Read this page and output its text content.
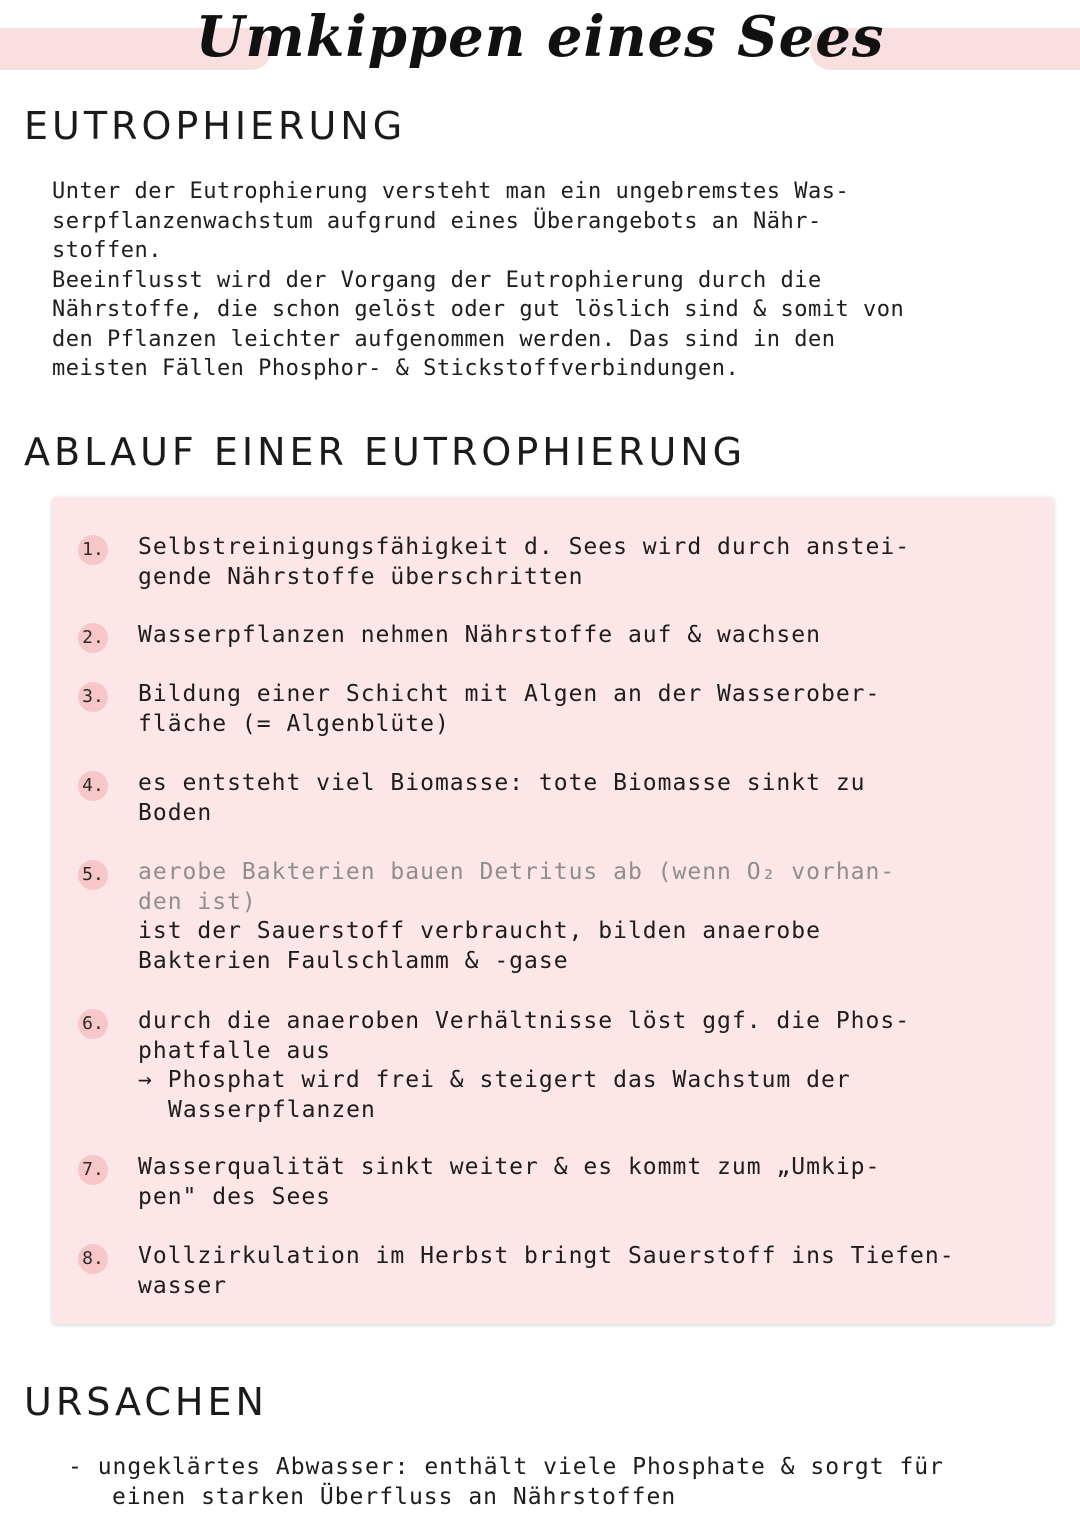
Umkippen eines Sees
EUTROPHIERUNG

Unter der Eutrophierung versteht man ein ungebremstes Was-

serpflanzenwachstum aufgrund eines Überangebots an Nähr-

stoffen.

Beeinflusst wird der Vorgang der Eutrophierung durch die

Nährstoffe, die schon gelöst oder gut löslich sind & somit von

den Pflanzen leichter aufgenommen werden. Das sind in den

meisten Fällen Phosphor- & Stickstoffverbindungen.

ABLAUF EINER EUTROPHIERUNG
1. Selbstreinigungsfähigkeit d. Sees wird durch anstei-
gende Nährstoffe überschritten
2. Wasserpflanzen nehmen Nährstoffe auf & wachsen
3. Bildung einer Schicht mit Algen an der Wasserober-
fläche (= Algenblüte)
4. es entsteht viel Biomasse: tote Biomasse sinkt zu
Boden
5. aerobe Bakterien bauen Detritus ab (wenn O₂ vorhan-
den ist)
ist der Sauerstoff verbraucht, bilden anaerobe
Bakterien Faulschlamm & -gase
6. durch die anaeroben Verhältnisse löst ggf. die Phos-
phatfalle aus
→ Phosphat wird frei & steigert das Wachstum der
Wasserpflanzen
7. Wasserqualität sinkt weiter & es kommt zum „Umkip-
pen" des Sees
8. Vollzirkulation im Herbst bringt Sauerstoff ins Tiefen-
wasser
URSACHEN
- ungeklärtes Abwasser: enthält viele Phosphate & sorgt für
einen starken Überfluss an Nährstoffen
